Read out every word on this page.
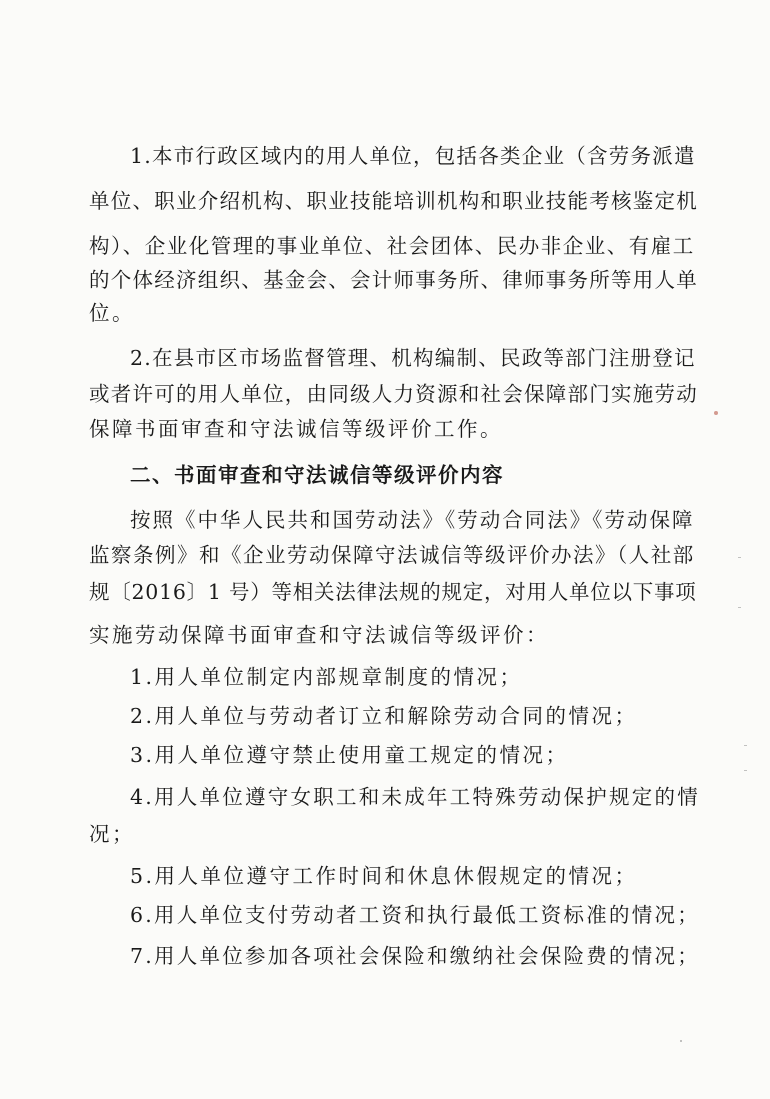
1.本市行政区域内的用人单位，包括各类企业（含劳务派遣
单位、职业介绍机构、职业技能培训机构和职业技能考核鉴定机
构）、企业化管理的事业单位、社会团体、民办非企业、有雇工
的个体经济组织、基金会、会计师事务所、律师事务所等用人单
位。
2.在县市区市场监督管理、机构编制、民政等部门注册登记
或者许可的用人单位，由同级人力资源和社会保障部门实施劳动
保障书面审查和守法诚信等级评价工作。
二、书面审查和守法诚信等级评价内容
按照《中华人民共和国劳动法》《劳动合同法》《劳动保障
监察条例》和《企业劳动保障守法诚信等级评价办法》（人社部
规〔2016〕1 号）等相关法律法规的规定，对用人单位以下事项
实施劳动保障书面审查和守法诚信等级评价：
1.用人单位制定内部规章制度的情况；
2.用人单位与劳动者订立和解除劳动合同的情况；
3.用人单位遵守禁止使用童工规定的情况；
4.用人单位遵守女职工和未成年工特殊劳动保护规定的情
况；
5.用人单位遵守工作时间和休息休假规定的情况；
6.用人单位支付劳动者工资和执行最低工资标准的情况；
7.用人单位参加各项社会保险和缴纳社会保险费的情况；
